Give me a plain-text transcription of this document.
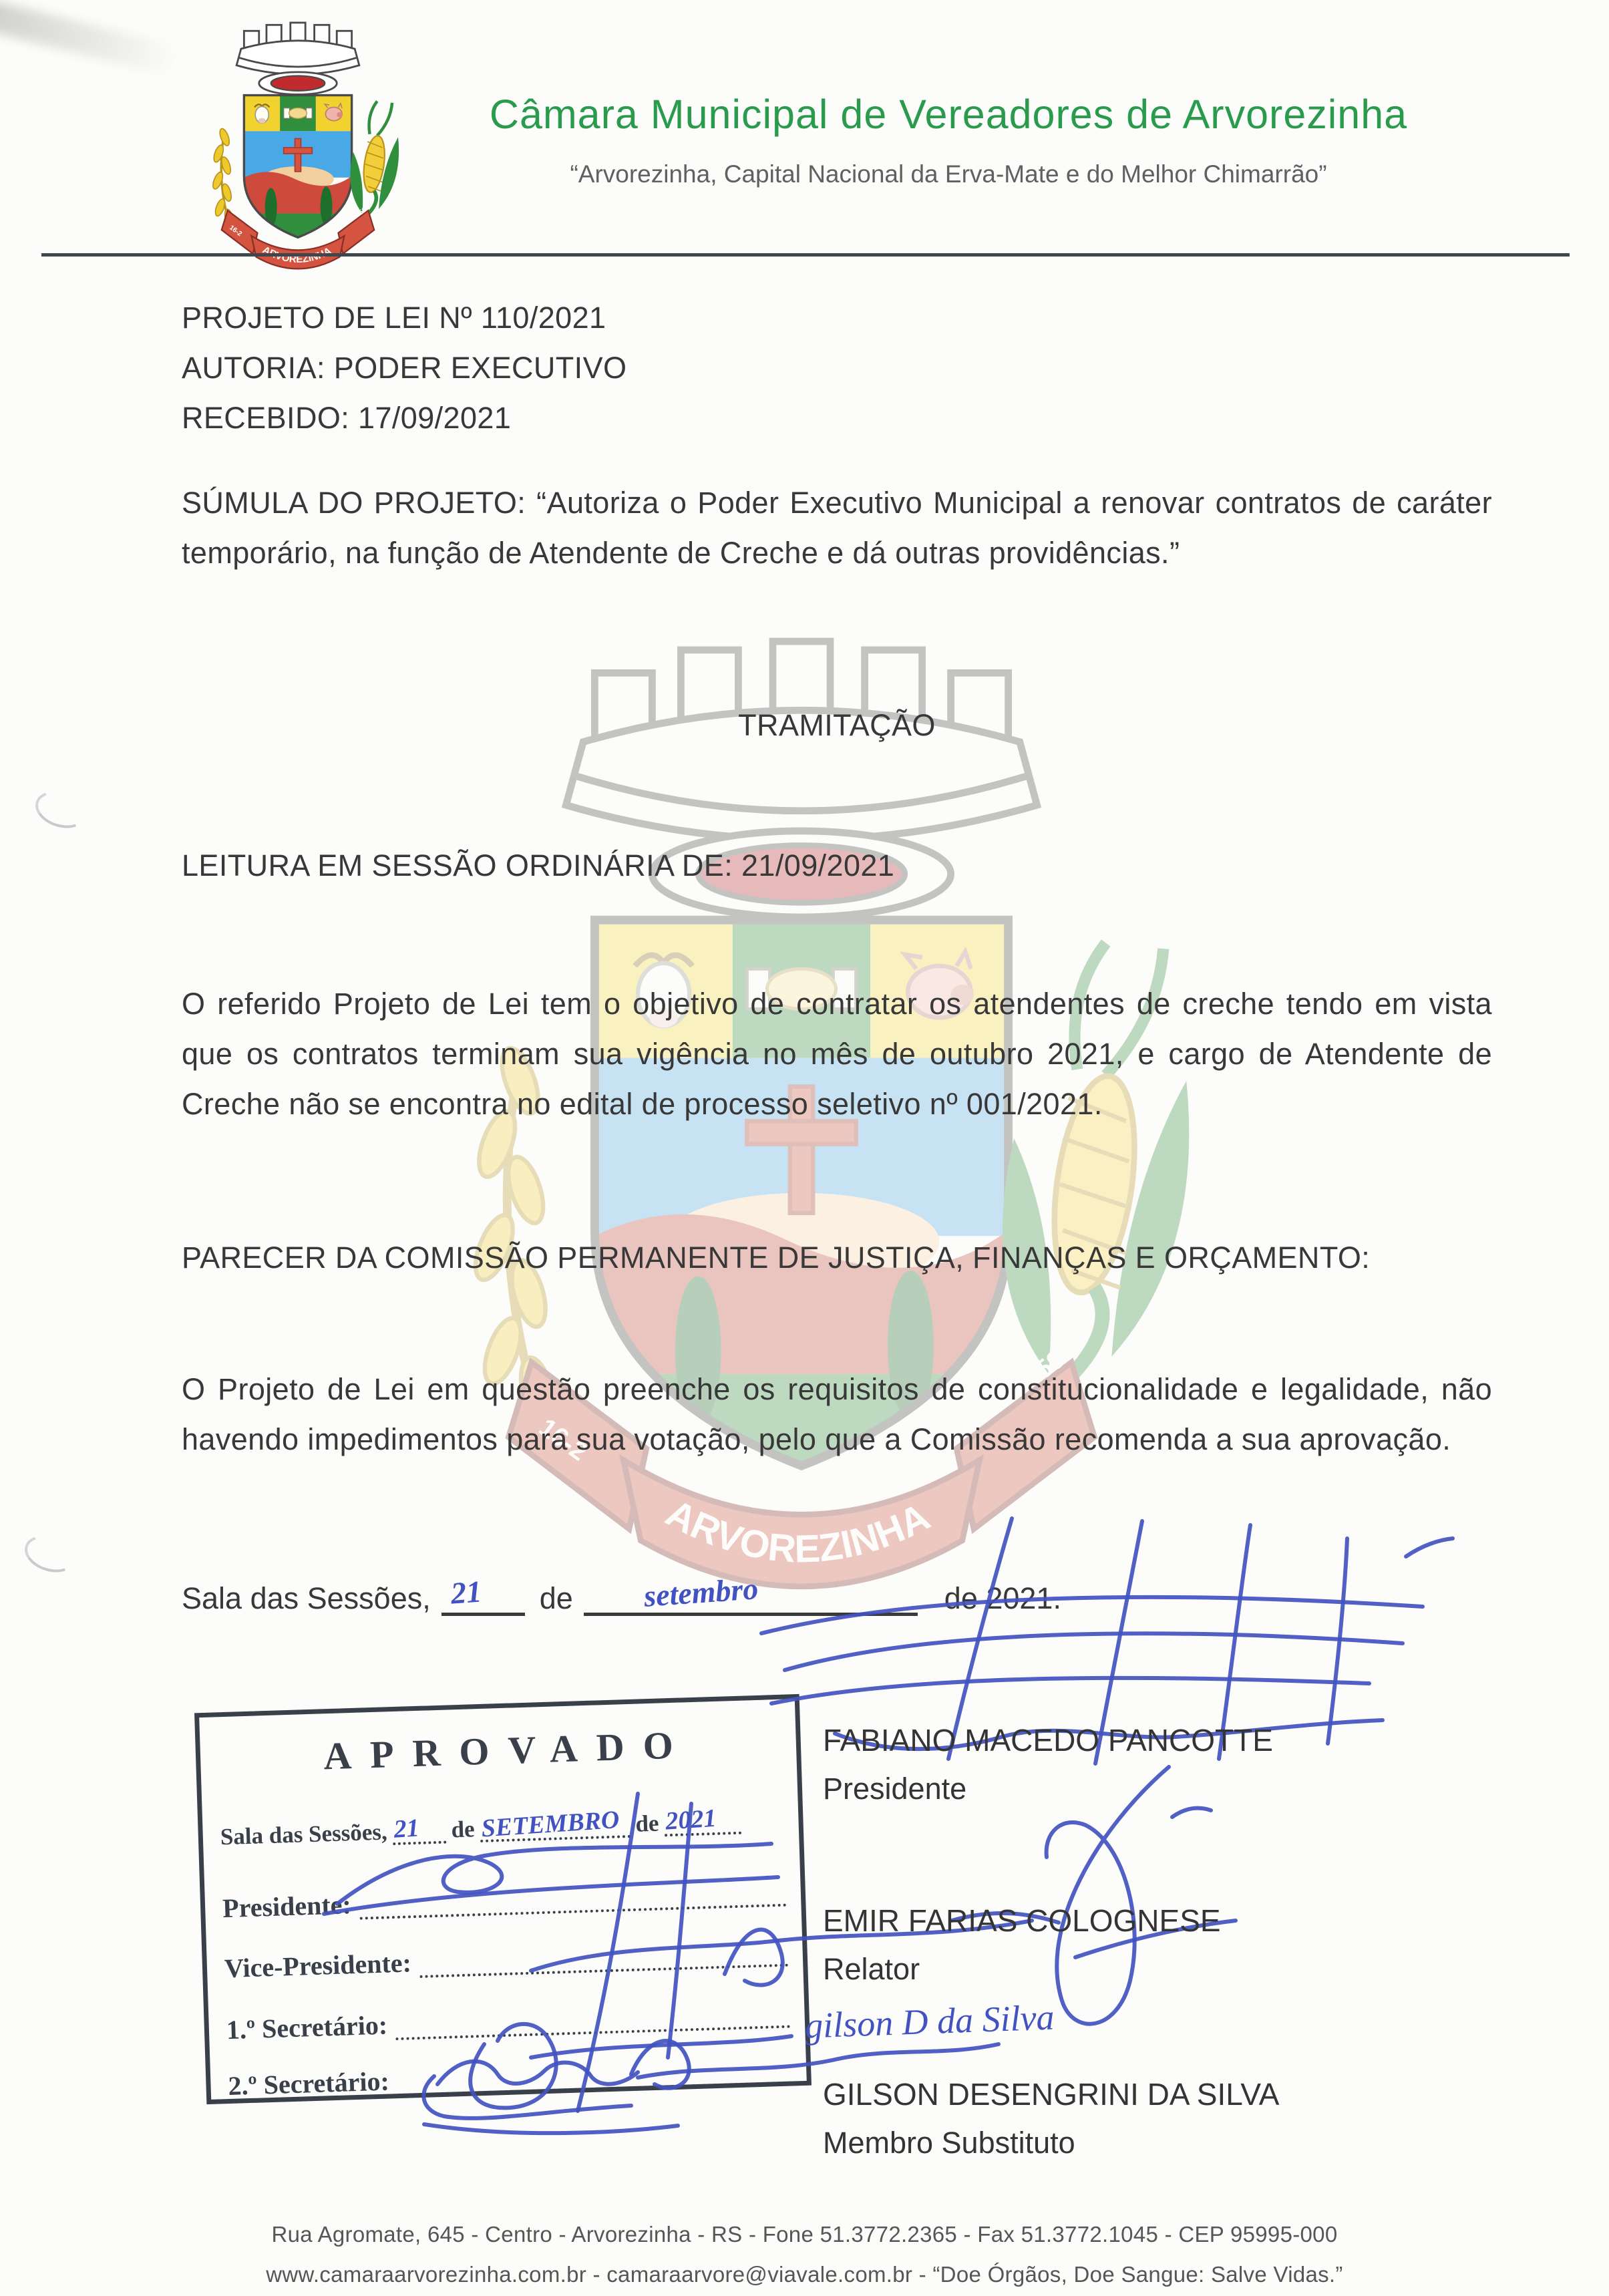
Câmara Municipal de Vereadores de Arvorezinha
“Arvorezinha, Capital Nacional da Erva-Mate e do Melhor Chimarrão”
PROJETO DE LEI Nº 110/2021
AUTORIA: PODER EXECUTIVO
RECEBIDO: 17/09/2021
SÚMULA DO PROJETO: “Autoriza o Poder Executivo Municipal a renovar contratos de caráter temporário, na função de Atendente de Creche e dá outras providências.”
TRAMITAÇÃO
LEITURA EM SESSÃO ORDINÁRIA DE: 21/09/2021
O referido Projeto de Lei tem o objetivo de contratar os atendentes de creche tendo em vista que os contratos terminam sua vigência no mês de outubro 2021, e cargo de Atendente de Creche não se encontra no edital de processo seletivo nº 001/2021.
PARECER DA COMISSÃO PERMANENTE DE JUSTIÇA, FINANÇAS E ORÇAMENTO:
O Projeto de Lei em questão preenche os requisitos de constitucionalidade e legalidade, não havendo impedimentos para sua votação, pelo que a Comissão recomenda a sua aprovação.
Sala das Sessões, 21 de setembro	de 2021.
APROVADO
Sala das Sessões, 21 de SETEMBRO de 2021
Presidente:
Vice-Presidente:
1.º Secretário:
2.º Secretário:
FABIANO MACEDO PANCOTTE
Presidente
EMIR FARIAS COLOGNESE
Relator
gilson D da Silva
GILSON DESENGRINI DA SILVA
Membro Substituto
Rua Agromate, 645 - Centro - Arvorezinha - RS - Fone 51.3772.2365 - Fax 51.3772.1045 - CEP 95995-000
www.camaraarvorezinha.com.br - camaraarvore@viavale.com.br - “Doe Órgãos, Doe Sangue: Salve Vidas.”
